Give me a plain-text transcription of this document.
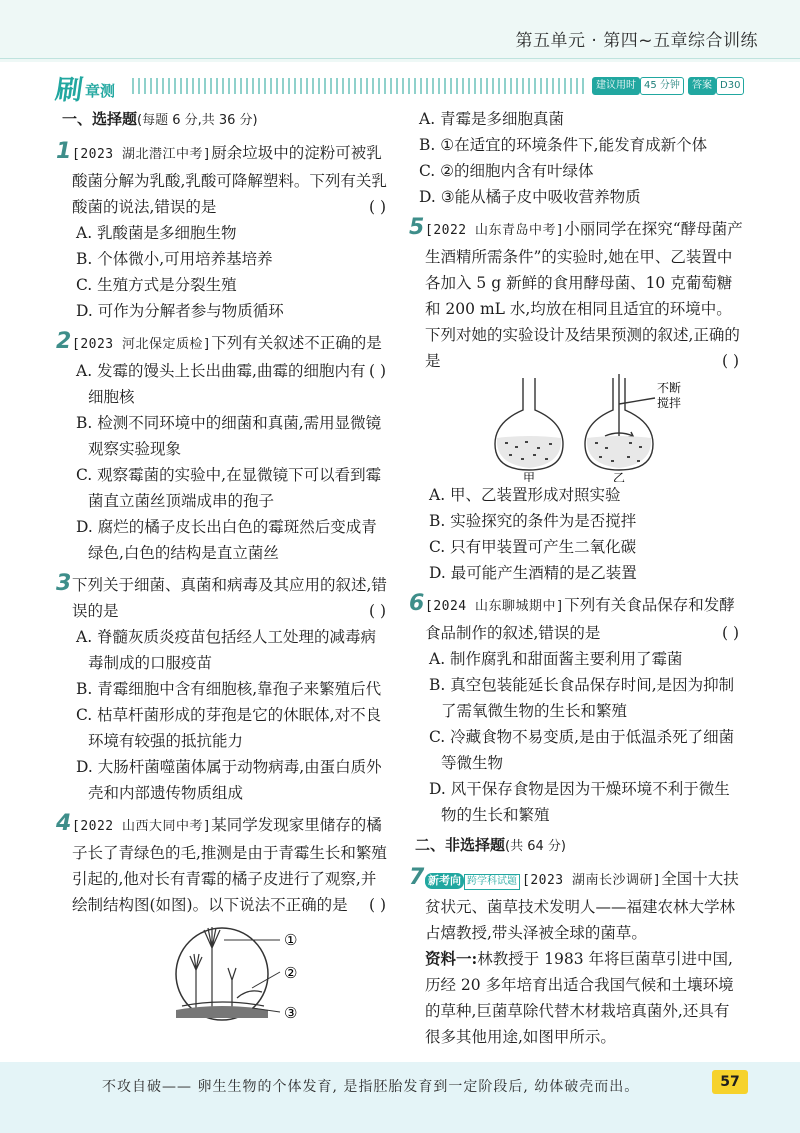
第五单元 · 第四~五章综合训练
刷 章测	建议用时 45 分钟	答案 D30
一、选择题(每题 6 分,共 36 分)
1 [2023 湖北潜江中考]厨余垃圾中的淀粉可被乳酸菌分解为乳酸,乳酸可降解塑料。下列有关乳酸菌的说法,错误的是	( )
A. 乳酸菌是多细胞生物
B. 个体微小,可用培养基培养
C. 生殖方式是分裂生殖
D. 可作为分解者参与物质循环
2 [2023 河北保定质检]下列有关叙述不正确的是
( )
A. 发霉的馒头上长出曲霉,曲霉的细胞内有细胞核
B. 检测不同环境中的细菌和真菌,需用显微镜观察实验现象
C. 观察霉菌的实验中,在显微镜下可以看到霉菌直立菌丝顶端成串的孢子
D. 腐烂的橘子皮长出白色的霉斑然后变成青绿色,白色的结构是直立菌丝
3 下列关于细菌、真菌和病毒及其应用的叙述,错误的是	( )
A. 脊髓灰质炎疫苗包括经人工处理的减毒病毒制成的口服疫苗
B. 青霉细胞中含有细胞核,靠孢子来繁殖后代
C. 枯草杆菌形成的芽孢是它的休眠体,对不良环境有较强的抵抗能力
D. 大肠杆菌噬菌体属于动物病毒,由蛋白质外壳和内部遗传物质组成
4 [2022 山西大同中考]某同学发现家里储存的橘子长了青绿色的毛,推测是由于青霉生长和繁殖引起的,他对长有青霉的橘子皮进行了观察,并绘制结构图(如图)。以下说法不正确的是 ( )
①
②
③
A. 青霉是多细胞真菌
B. ①在适宜的环境条件下,能发育成新个体
C. ②的细胞内含有叶绿体
D. ③能从橘子皮中吸收营养物质
5 [2022 山东青岛中考]小丽同学在探究“酵母菌产生酒精所需条件”的实验时,她在甲、乙装置中各加入 5 g 新鲜的食用酵母菌、10 克葡萄糖和 200 mL 水,均放在相同且适宜的环境中。下列对她的实验设计及结果预测的叙述,正确的是	( )
不断
搅拌
甲	乙
A. 甲、乙装置形成对照实验
B. 实验探究的条件为是否搅拌
C. 只有甲装置可产生二氧化碳
D. 最可能产生酒精的是乙装置
6 [2024 山东聊城期中]下列有关食品保存和发酵食品制作的叙述,错误的是	( )
A. 制作腐乳和甜面酱主要利用了霉菌
B. 真空包装能延长食品保存时间,是因为抑制了需氧微生物的生长和繁殖
C. 冷藏食物不易变质,是由于低温杀死了细菌等微生物
D. 风干保存食物是因为干燥环境不利于微生物的生长和繁殖
二、非选择题(共 64 分)
7 新考向 跨学科试题 [2023 湖南长沙调研]全国十大扶贫状元、菌草技术发明人——福建农林大学林占熺教授,带头泽被全球的菌草。
资料一:林教授于 1983 年将巨菌草引进中国,历经 20 多年培育出适合我国气候和土壤环境的草种,巨菌草除代替木材栽培真菌外,还具有很多其他用途,如图甲所示。
不攻自破—— 卵生生物的个体发育, 是指胚胎发育到一定阶段后, 幼体破壳而出。	57
